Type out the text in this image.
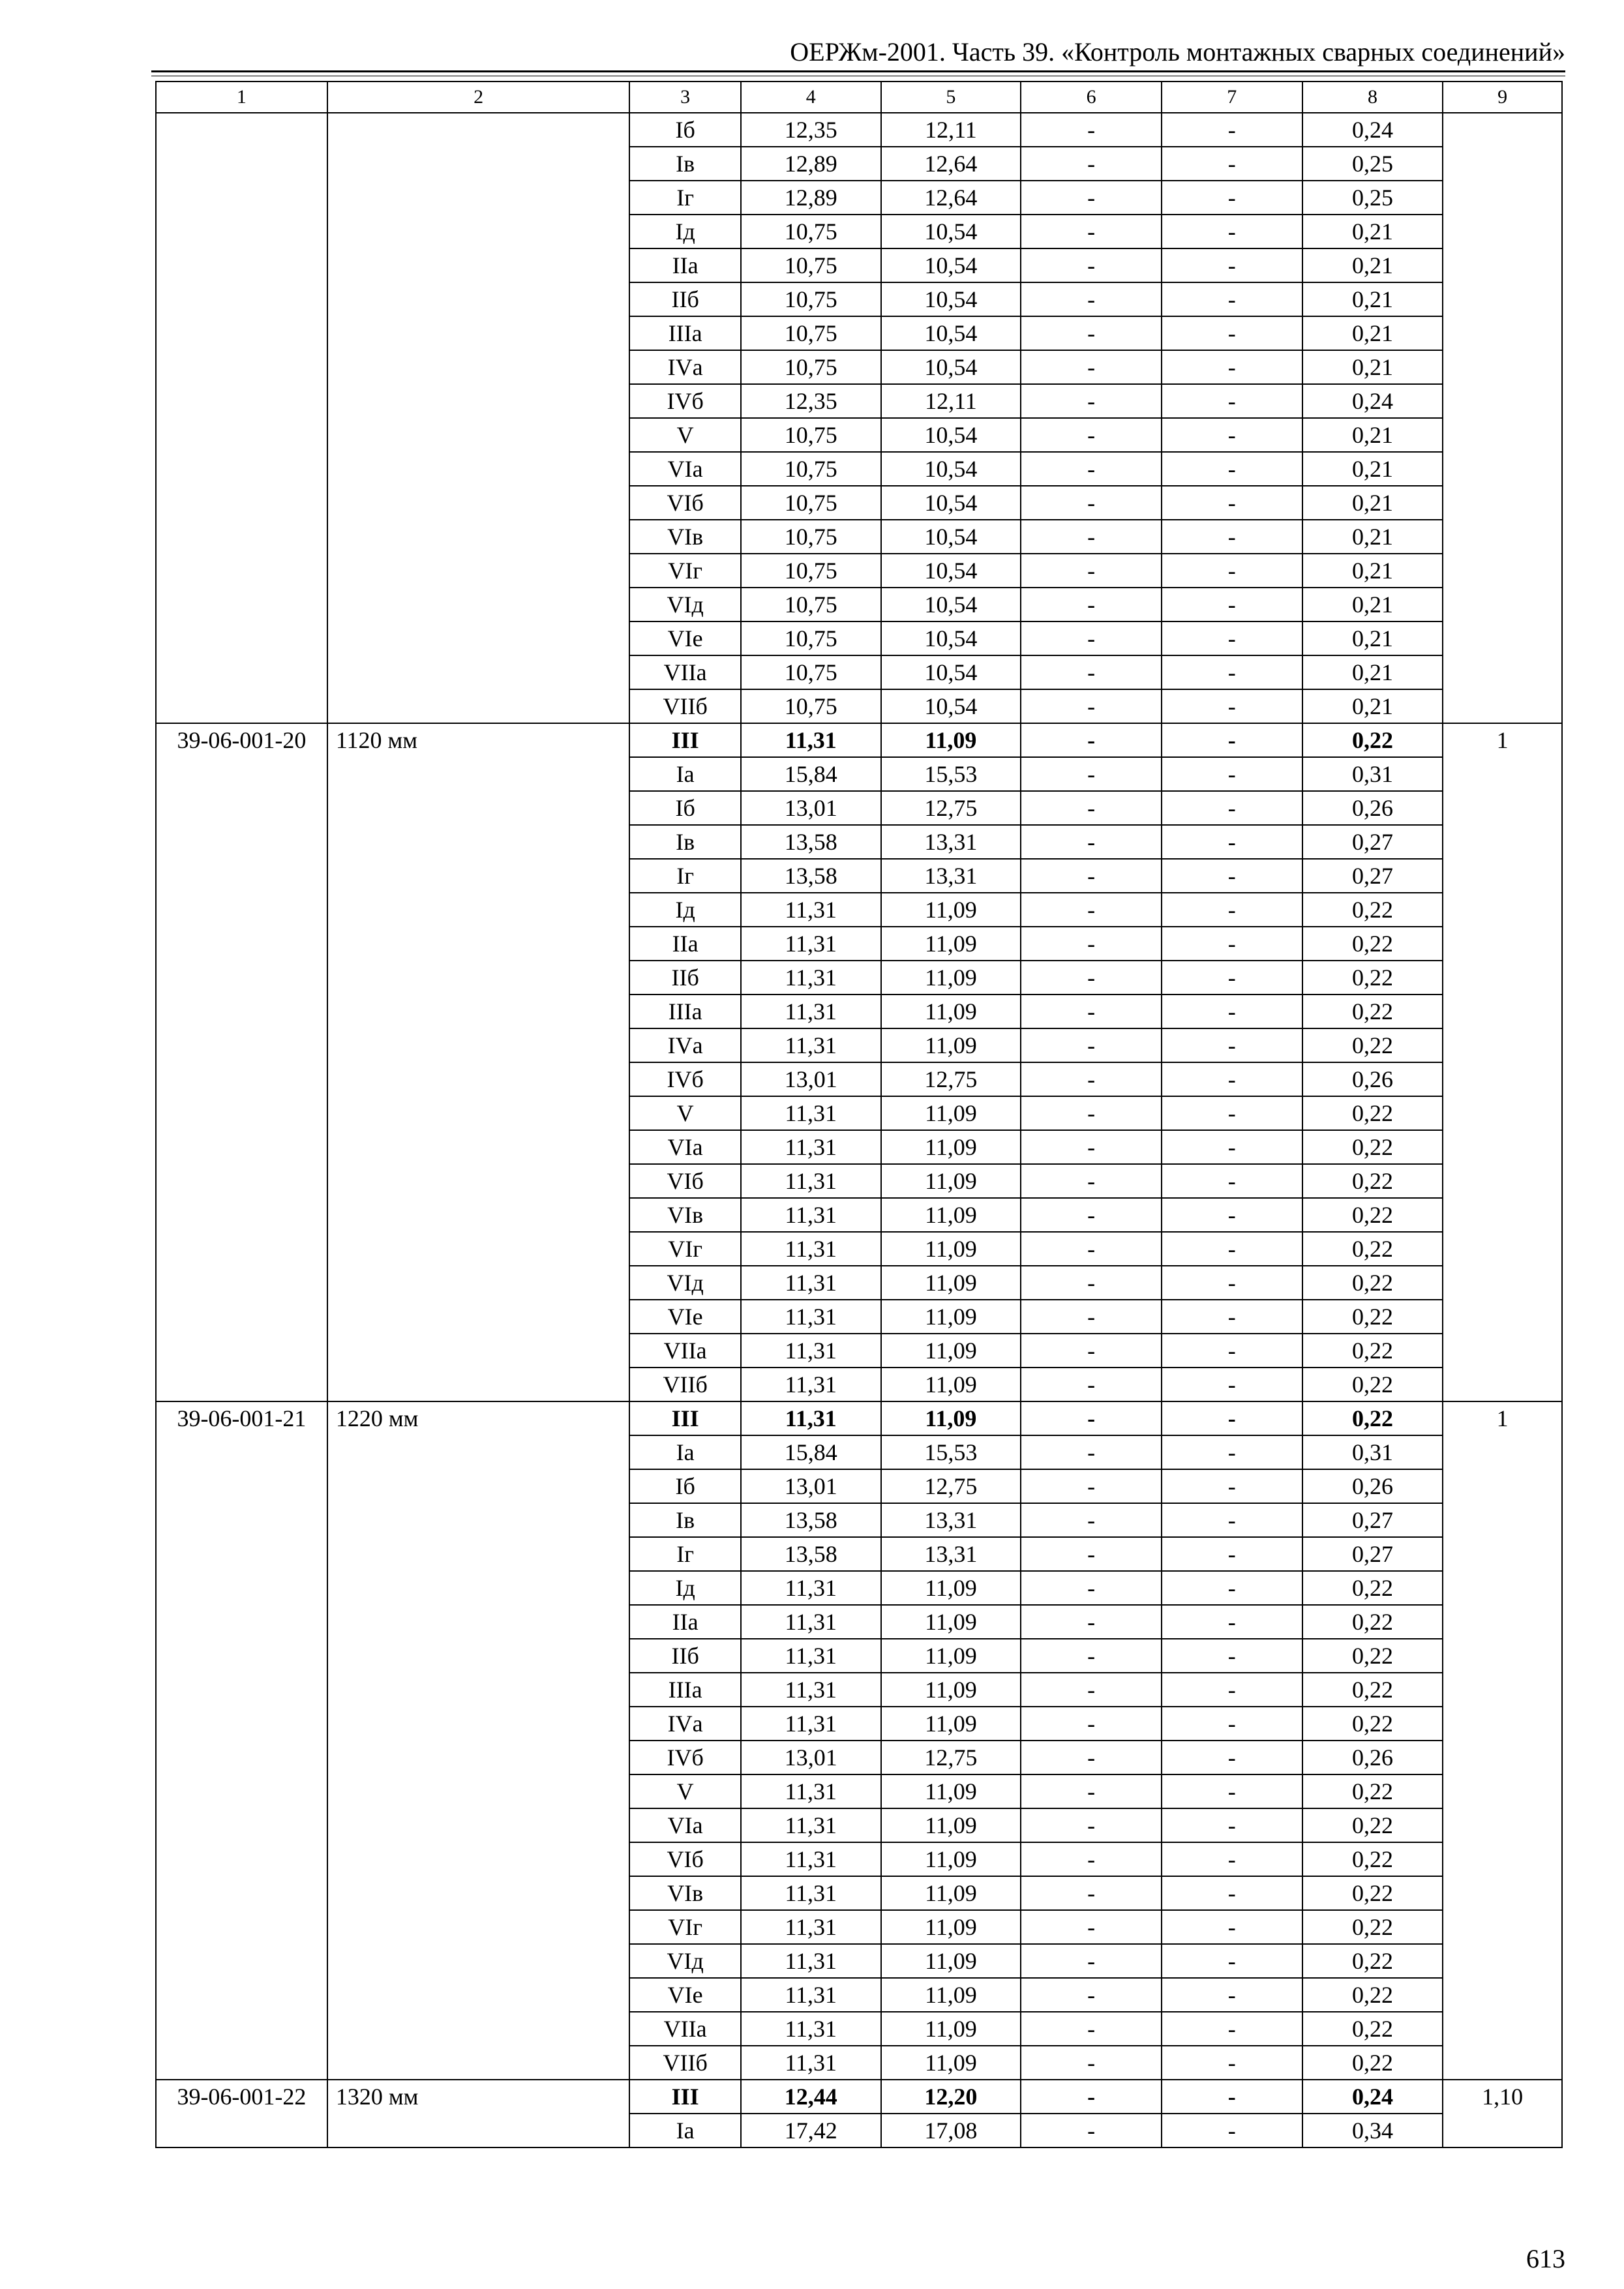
ОЕРЖм-2001. Часть 39. «Контроль монтажных сварных соединений»
1	2	3	4	5	6	7	8	9
		Iб	12,35	12,11	-	-	0,24	
		Iв	12,89	12,64	-	-	0,25	
		Iг	12,89	12,64	-	-	0,25	
		Iд	10,75	10,54	-	-	0,21	
		IIа	10,75	10,54	-	-	0,21	
		IIб	10,75	10,54	-	-	0,21	
		IIIа	10,75	10,54	-	-	0,21	
		IVа	10,75	10,54	-	-	0,21	
		IVб	12,35	12,11	-	-	0,24	
		V	10,75	10,54	-	-	0,21	
		VIа	10,75	10,54	-	-	0,21	
		VIб	10,75	10,54	-	-	0,21	
		VIв	10,75	10,54	-	-	0,21	
		VIг	10,75	10,54	-	-	0,21	
		VIд	10,75	10,54	-	-	0,21	
		VIе	10,75	10,54	-	-	0,21	
		VIIа	10,75	10,54	-	-	0,21	
		VIIб	10,75	10,54	-	-	0,21	
39-06-001-20	1120 мм	III	11,31	11,09	-	-	0,22	1
		Iа	15,84	15,53	-	-	0,31	
		Iб	13,01	12,75	-	-	0,26	
		Iв	13,58	13,31	-	-	0,27	
		Iг	13,58	13,31	-	-	0,27	
		Iд	11,31	11,09	-	-	0,22	
		IIа	11,31	11,09	-	-	0,22	
		IIб	11,31	11,09	-	-	0,22	
		IIIа	11,31	11,09	-	-	0,22	
		IVа	11,31	11,09	-	-	0,22	
		IVб	13,01	12,75	-	-	0,26	
		V	11,31	11,09	-	-	0,22	
		VIа	11,31	11,09	-	-	0,22	
		VIб	11,31	11,09	-	-	0,22	
		VIв	11,31	11,09	-	-	0,22	
		VIг	11,31	11,09	-	-	0,22	
		VIд	11,31	11,09	-	-	0,22	
		VIе	11,31	11,09	-	-	0,22	
		VIIа	11,31	11,09	-	-	0,22	
		VIIб	11,31	11,09	-	-	0,22	
39-06-001-21	1220 мм	III	11,31	11,09	-	-	0,22	1
		Iа	15,84	15,53	-	-	0,31	
		Iб	13,01	12,75	-	-	0,26	
		Iв	13,58	13,31	-	-	0,27	
		Iг	13,58	13,31	-	-	0,27	
		Iд	11,31	11,09	-	-	0,22	
		IIа	11,31	11,09	-	-	0,22	
		IIб	11,31	11,09	-	-	0,22	
		IIIа	11,31	11,09	-	-	0,22	
		IVа	11,31	11,09	-	-	0,22	
		IVб	13,01	12,75	-	-	0,26	
		V	11,31	11,09	-	-	0,22	
		VIа	11,31	11,09	-	-	0,22	
		VIб	11,31	11,09	-	-	0,22	
		VIв	11,31	11,09	-	-	0,22	
		VIг	11,31	11,09	-	-	0,22	
		VIд	11,31	11,09	-	-	0,22	
		VIе	11,31	11,09	-	-	0,22	
		VIIа	11,31	11,09	-	-	0,22	
		VIIб	11,31	11,09	-	-	0,22	
39-06-001-22	1320 мм	III	12,44	12,20	-	-	0,24	1,10
		Iа	17,42	17,08	-	-	0,34	
613
